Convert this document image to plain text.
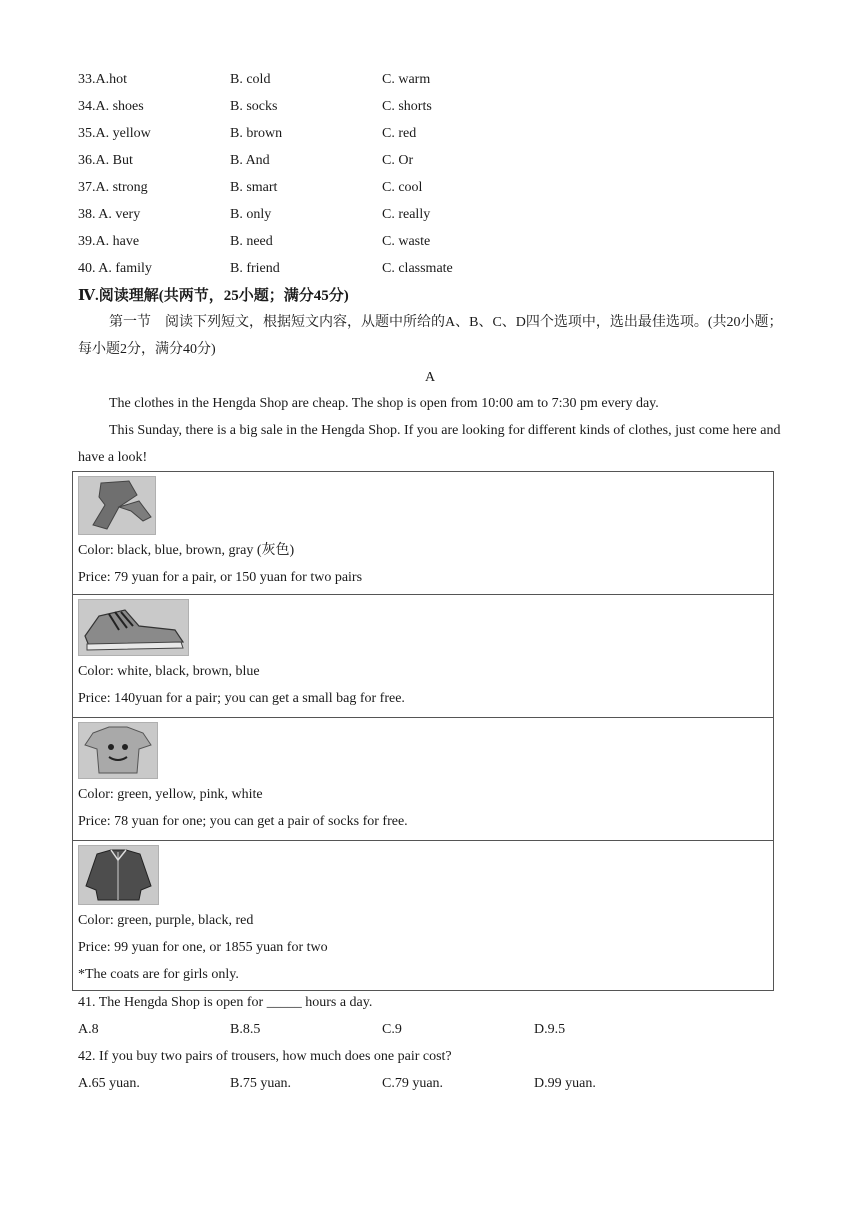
33.A.hot	B. cold	C. warm
34.A. shoes	B. socks	C. shorts
35.A. yellow	B. brown	C. red
36.A. But	B. And	C. Or
37.A. strong	B. smart	C. cool
38. A. very	B. only	C. really
39.A. have	B. need	C. waste
40. A. family	B. friend	C. classmate
Ⅳ.阅读理解(共两节，25小题；满分45分)
第一节　阅读下列短文，根据短文内容，从题中所给的A、B、C、D四个选项中，选出最佳选项。(共20小题；每小题2分，满分40分)
A
The clothes in the Hengda Shop are cheap. The shop is open from 10:00 am to 7:30 pm every day.
This Sunday, there is a big sale in the Hengda Shop. If you are looking for different kinds of clothes, just come here and have a look!
Color: black, blue, brown, gray (灰色)
Price: 79 yuan for a pair, or 150 yuan for two pairs

Color: white, black, brown, blue
Price: 140yuan for a pair; you can get a small bag for free.

Color: green, yellow, pink, white
Price: 78 yuan for one; you can get a pair of socks for free.

Color: green, purple, black, red
Price: 99 yuan for one, or 1855 yuan for two
*The coats are for girls only.
41. The Hengda Shop is open for _____ hours a day.
A.8	B.8.5	C.9	D.9.5
42. If you buy two pairs of trousers, how much does one pair cost?
A.65 yuan.	B.75 yuan.	C.79 yuan.	D.99 yuan.
